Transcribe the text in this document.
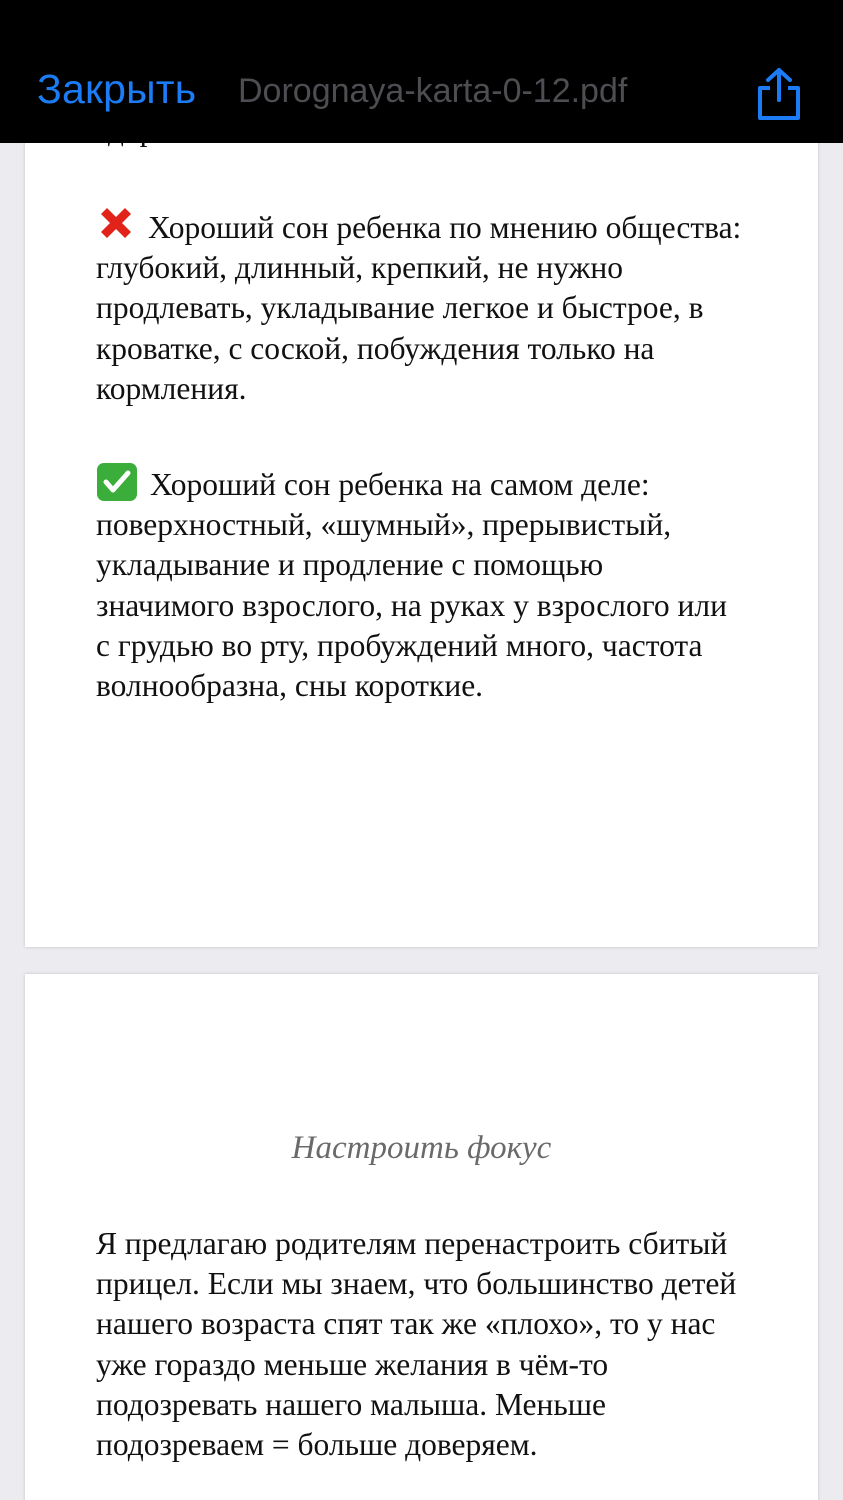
Хороший сон ребенка по мнению общества: глубокий, длинный, крепкий, не нужно продлевать, укладывание легкое и быстрое, в кроватке, с соской, побуждения только на кормления.

Хороший сон ребенка на самом деле: поверхностный, «шумный», прерывистый, укладывание и продление с помощью значимого взрослого, на руках у взрослого или с грудью во рту, пробуждений много, частота волнообразна, сны короткие.

Настроить фокус

Я предлагаю родителям перенастроить сбитый прицел. Если мы знаем, что большинство детей нашего возраста спят так же «плохо», то у нас уже гораздо меньше желания в чём-то подозревать нашего малыша. Меньше подозреваем = больше доверяем.

Закрыть Dorognaya-karta-0-12.pdf
